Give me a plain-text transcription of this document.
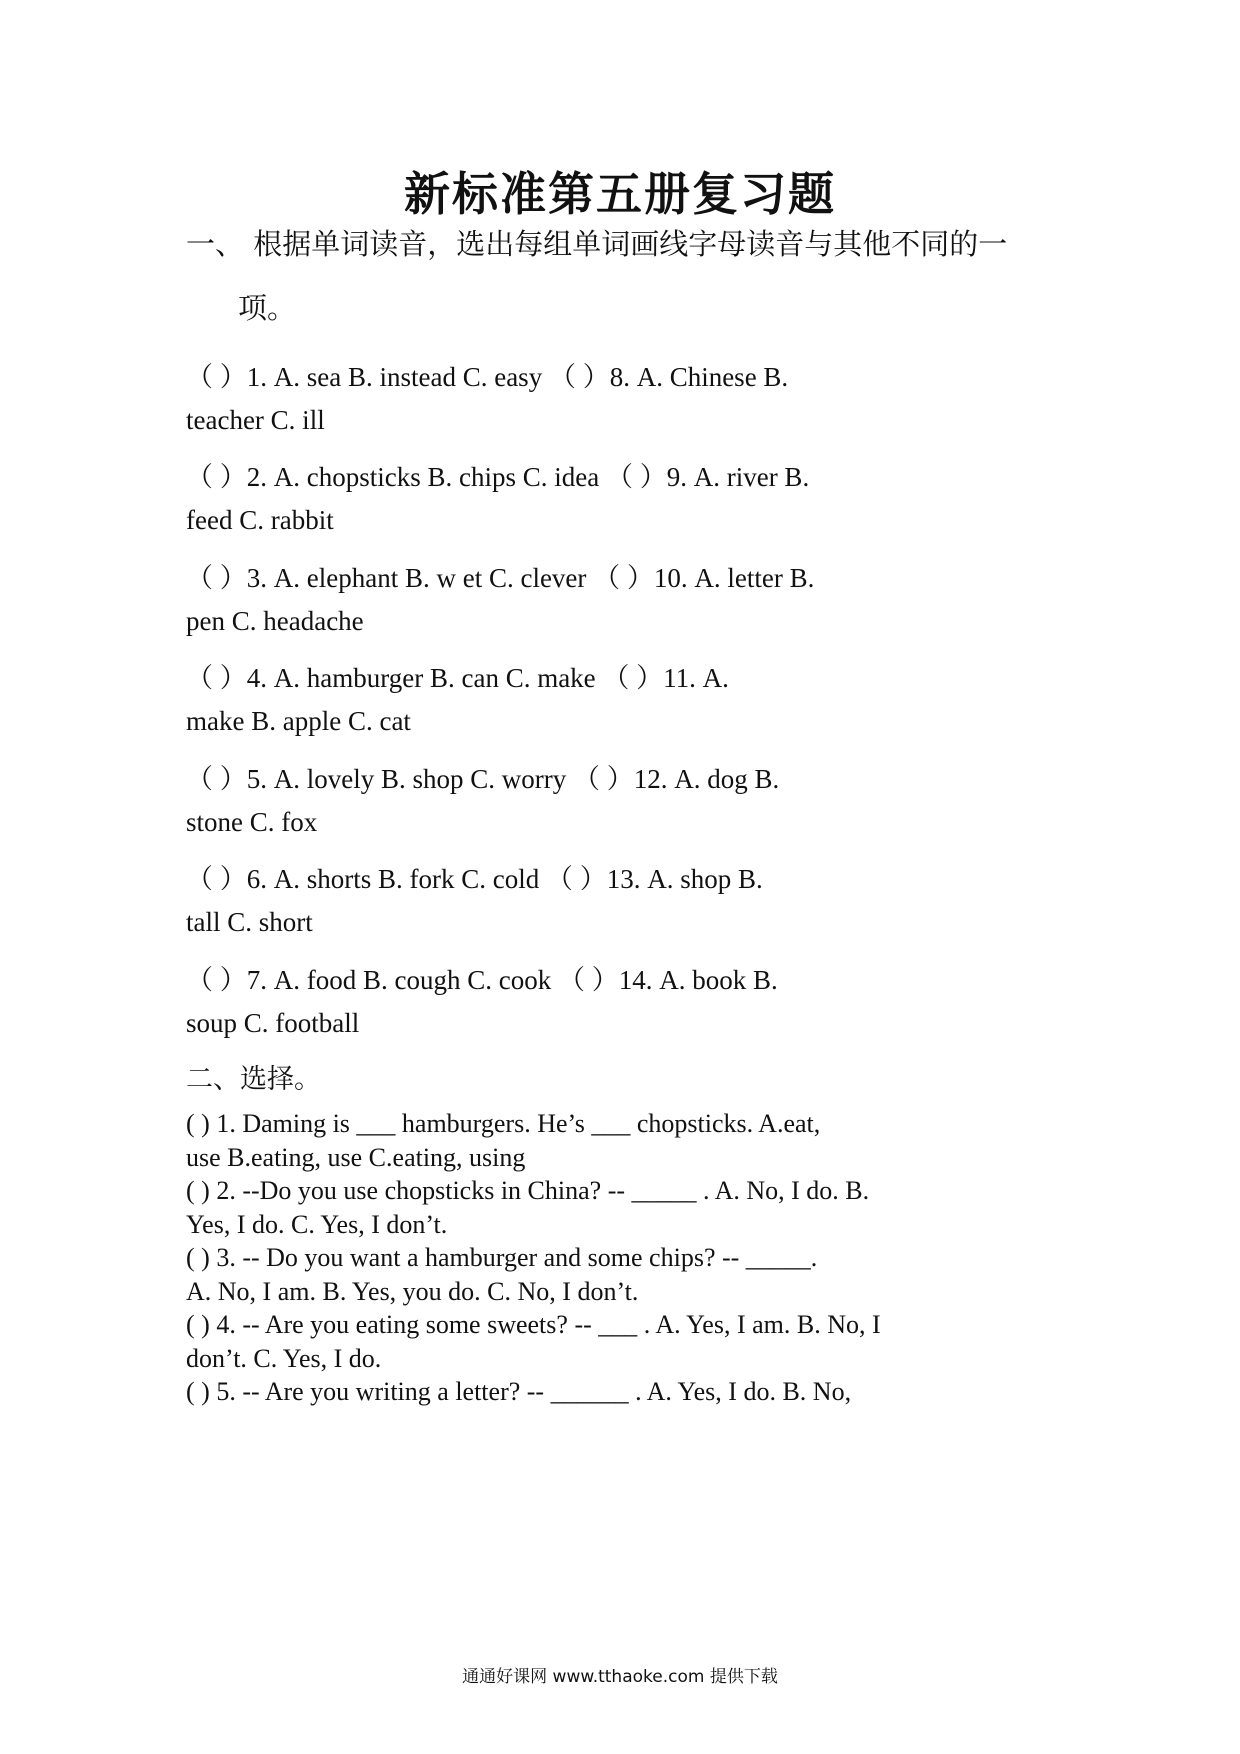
新标准第五册复习题
一、 根据单词读音，选出每组单词画线字母读音与其他不同的一
项。
（ ）1. A. sea B. instead C. easy （ ）8. A. Chinese B.
teacher C. ill
（ ）2. A. chopsticks B. chips C. idea （ ）9. A. river B.
feed C. rabbit
（ ）3. A. elephant B. w et C. clever （ ）10. A. letter B.
pen C. headache
（ ）4. A. hamburger B. can C. make （ ）11. A.
make B. apple C. cat
（ ）5. A. lovely B. shop C. worry （ ）12. A. dog B.
stone C. fox
（ ）6. A. shorts B. fork C. cold （ ）13. A. shop B.
tall C. short
（ ）7. A. food B. cough C. cook （ ）14. A. book B.
soup C. football
二、选择。
( ) 1. Daming is ___ hamburgers. He’s ___ chopsticks. A.eat,
use B.eating, use C.eating, using
( ) 2. --Do you use chopsticks in China? -- _____ . A. No, I do. B.
Yes, I do. C. Yes, I don’t.
( ) 3. -- Do you want a hamburger and some chips? -- _____.
A. No, I am. B. Yes, you do. C. No, I don’t.
( ) 4. -- Are you eating some sweets? -- ___ . A. Yes, I am. B. No, I
don’t. C. Yes, I do.
( ) 5. -- Are you writing a letter? -- ______ . A. Yes, I do. B. No,
通通好课网 www.tthaoke.com 提供下载
